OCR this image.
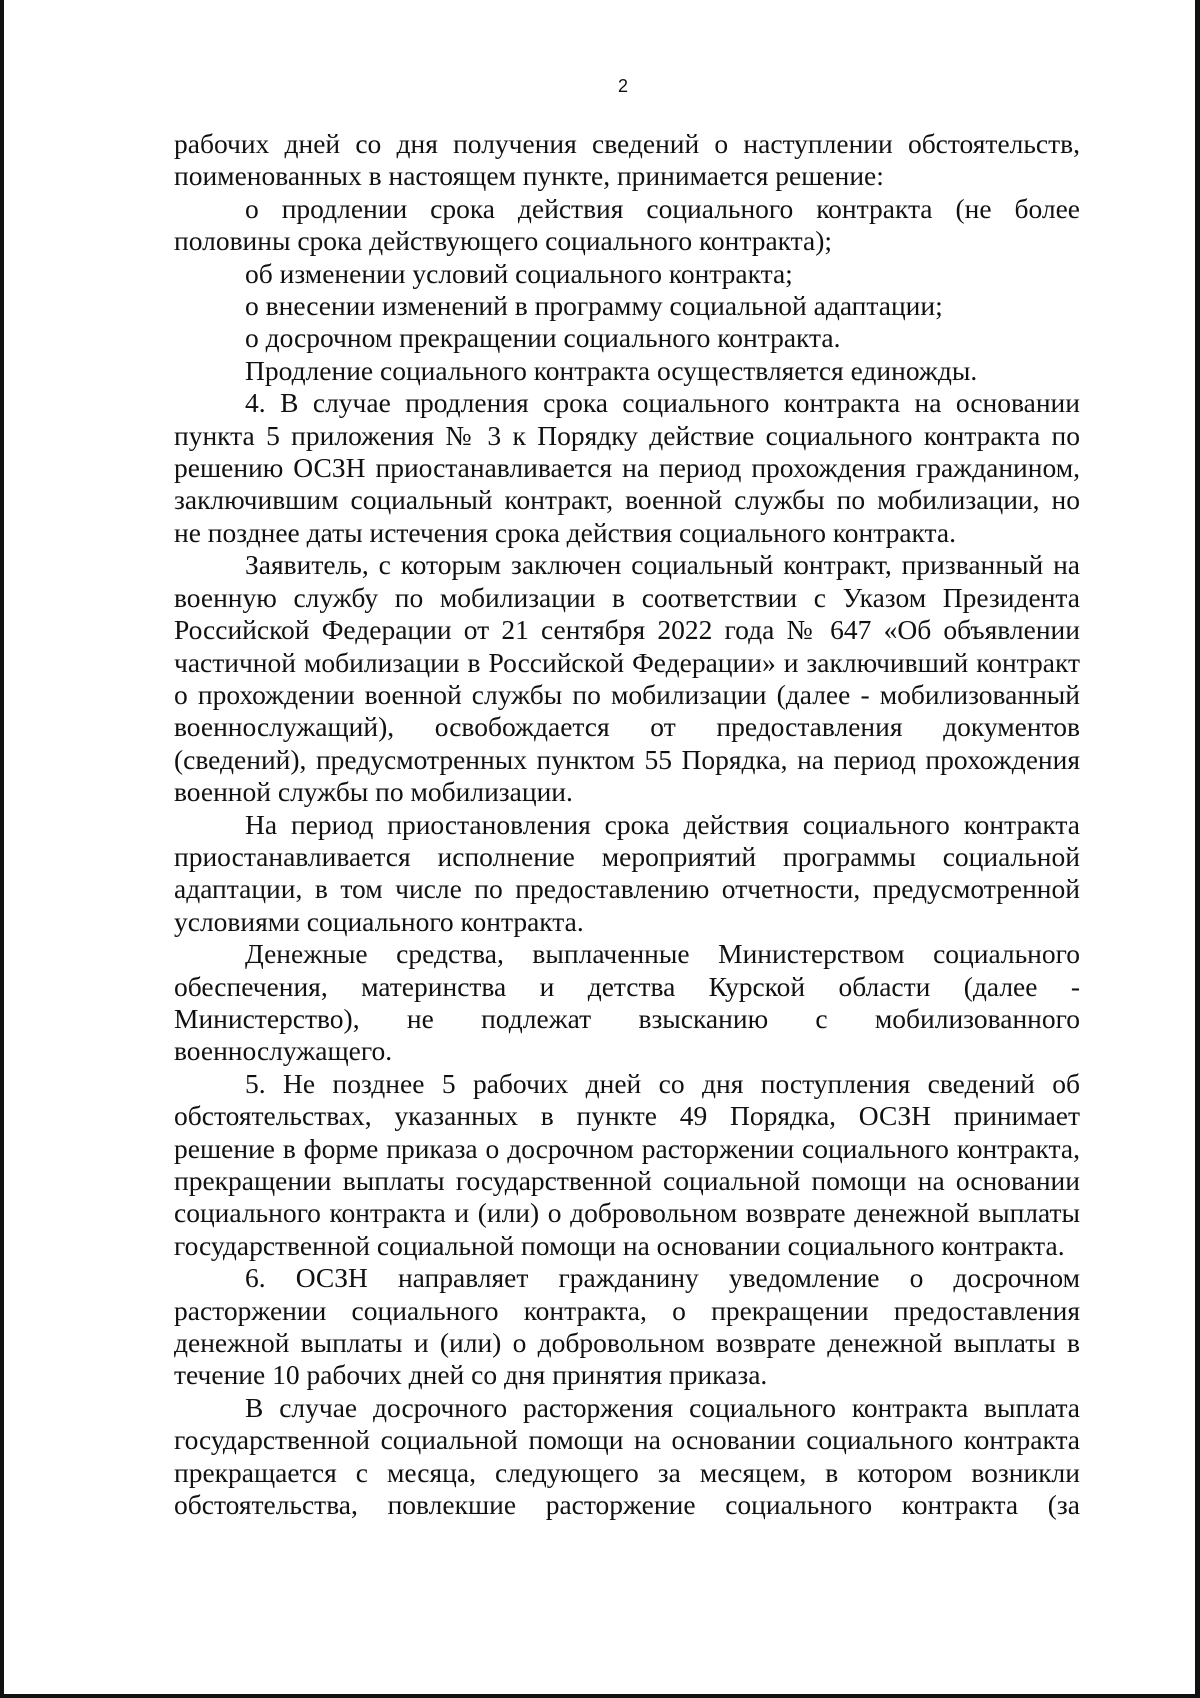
2
рабочих дней со дня получения сведений о наступлении обстоятельств,
поименованных в настоящем пункте, принимается решение:
о продлении срока действия социального контракта (не более
половины срока действующего социального контракта);
об изменении условий социального контракта;
о внесении изменений в программу социальной адаптации;
о досрочном прекращении социального контракта.
Продление социального контракта осуществляется единожды.
4. В случае продления срока социального контракта на основании
пункта 5 приложения № 3 к Порядку действие социального контракта по
решению ОСЗН приостанавливается на период прохождения гражданином,
заключившим социальный контракт, военной службы по мобилизации, но
не позднее даты истечения срока действия социального контракта.
Заявитель, с которым заключен социальный контракт, призванный на
военную службу по мобилизации в соответствии с Указом Президента
Российской Федерации от 21 сентября 2022 года № 647 «Об объявлении
частичной мобилизации в Российской Федерации» и заключивший контракт
о прохождении военной службы по мобилизации (далее - мобилизованный
военнослужащий), освобождается от предоставления документов
(сведений), предусмотренных пунктом 55 Порядка, на период прохождения
военной службы по мобилизации.
На период приостановления срока действия социального контракта
приостанавливается исполнение мероприятий программы социальной
адаптации, в том числе по предоставлению отчетности, предусмотренной
условиями социального контракта.
Денежные средства, выплаченные Министерством социального
обеспечения, материнства и детства Курской области (далее -
Министерство), не подлежат взысканию с мобилизованного
военнослужащего.
5. Не позднее 5 рабочих дней со дня поступления сведений об
обстоятельствах, указанных в пункте 49 Порядка, ОСЗН принимает
решение в форме приказа о досрочном расторжении социального контракта,
прекращении выплаты государственной социальной помощи на основании
социального контракта и (или) о добровольном возврате денежной выплаты
государственной социальной помощи на основании социального контракта.
6. ОСЗН направляет гражданину уведомление о досрочном
расторжении социального контракта, о прекращении предоставления
денежной выплаты и (или) о добровольном возврате денежной выплаты в
течение 10 рабочих дней со дня принятия приказа.
В случае досрочного расторжения социального контракта выплата
государственной социальной помощи на основании социального контракта
прекращается с месяца, следующего за месяцем, в котором возникли
обстоятельства, повлекшие расторжение социального контракта (за
